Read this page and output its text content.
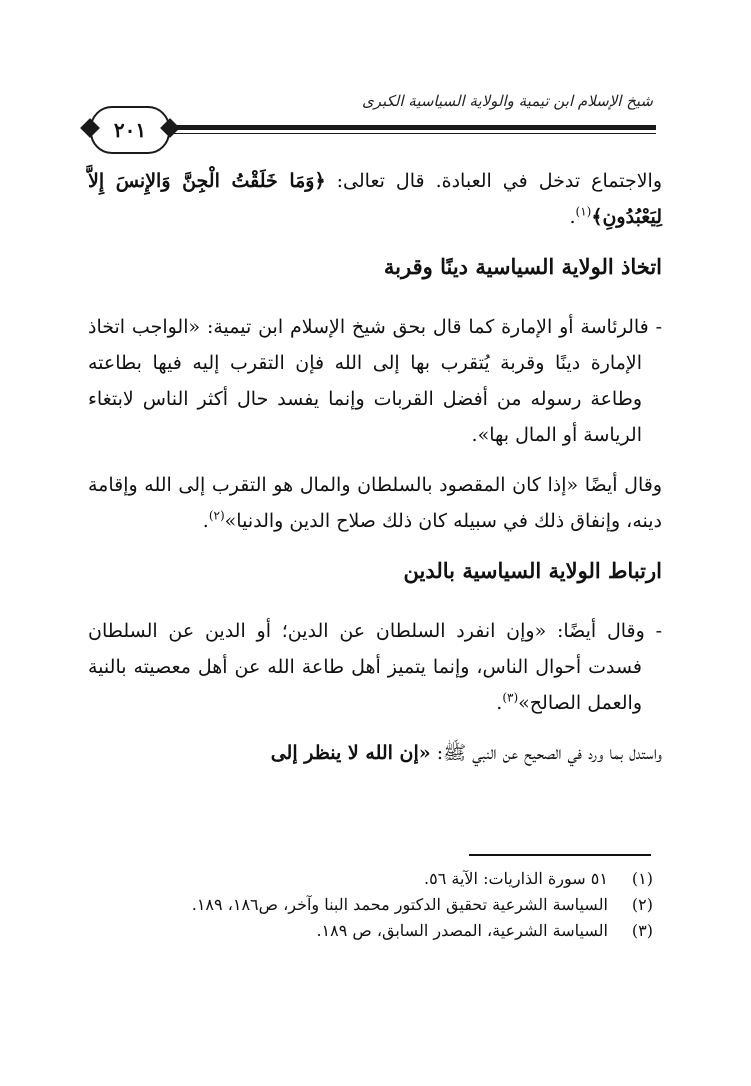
شيخ الإسلام ابن تيمية والولاية السياسية الكبرى
٢٠١

والاجتماع تدخل في العبادة. قال تعالى: ﴿وَمَا خَلَقْتُ الْجِنَّ وَالإِنسَ إِلاَّ لِيَعْبُدُونِ﴾$^{(١)}$.

اتخاذ الولاية السياسية دينًا وقربة

- فالرئاسة أو الإمارة كما قال بحق شيخ الإسلام ابن تيمية: «الواجب اتخاذ الإمارة دينًا وقربة يُتقرب بها إلى الله فإن التقرب إليه فيها بطاعته وطاعة رسوله من أفضل القربات وإنما يفسد حال أكثر الناس لابتغاء الرياسة أو المال بها».

وقال أيضًا «إذا كان المقصود بالسلطان والمال هو التقرب إلى الله وإقامة دينه، وإنفاق ذلك في سبيله كان ذلك صلاح الدين والدنيا»$^{(٢)}$.

ارتباط الولاية السياسية بالدين

- وقال أيضًا: «وإن انفرد السلطان عن الدين؛ أو الدين عن السلطان فسدت أحوال الناس، وإنما يتميز أهل طاعة الله عن أهل معصيته بالنية والعمل الصالح»$^{(٣)}$.

واستدل بما ورد في الصحيح عن النبي ﷺ: «إن الله لا ينظر إلى

(١) ٥١ سورة الذاريات: الآية ٥٦.
(٢) السياسة الشرعية تحقيق الدكتور محمد البنا وآخر، ص١٨٦، ١٨٩.
(٣) السياسة الشرعية، المصدر السابق، ص ١٨٩.
